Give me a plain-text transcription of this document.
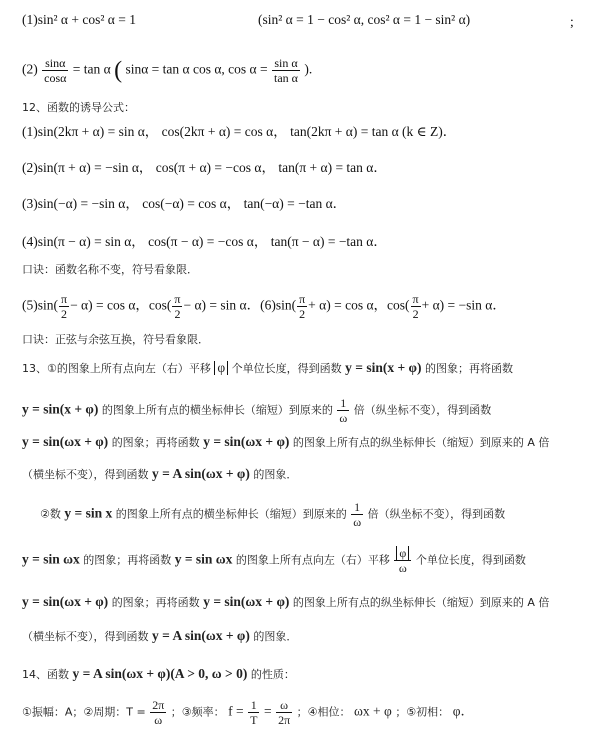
(1)sin² α + cos² α = 1	(sin² α = 1 − cos² α, cos² α = 1 − sin² α)	;
$(2) \frac{\sin\alpha}{\cos\alpha} = \tan \alpha$ ( sinα = tan α cos α, $\cos \alpha = \frac{\text{sin α}}{\text{tan α}}$ ).
12、函数的诱导公式：
(1)sin(2kπ + α) = sin α， cos(2kπ + α) = cos α， tan(2kπ + α) = tan α (k ∈ Z)．
(2)sin(π + α) = −sin α， cos(π + α) = −cos α， tan(π + α) = tan α．
(3)sin(−α) = −sin α， cos(−α) = cos α， tan(−α) = −tan α．
(4)sin(π − α) = sin α， cos(π − α) = −cos α， tan(π − α) = −tan α．
口诀：函数名称不变，符号看象限．
$(5)\sin( \frac{\pi}{2} - \alpha) = \cos \alpha$，$\cos( \frac{\pi}{2} - \alpha) = \sin \alpha$．$(6)\sin( \frac{\pi}{2} + \alpha) = \cos \alpha$，$\cos( \frac{\pi}{2} + \alpha) = -\sin$ α．
口诀：正弦与余弦互换，符号看象限．
13、①的图象上所有点向左（右）平移 φ 个单位长度，得到函数 y = sin(x + φ) 的图象；再将函数
y = sin(x + φ) 的图象上所有点的横坐标伸长（缩短）到原来的 $\frac{1}{\omega}$ 倍（纵坐标不变），得到函数
y = sin(ωx + φ) 的图象；再将函数 y = sin(ωx + φ) 的图象上所有点的纵坐标伸长（缩短）到原来的 A 倍
（横坐标不变），得到函数 y = A sin(ωx + φ) 的图象．
②数 y = sin x 的图象上所有点的横坐标伸长（缩短）到原来的 $\frac{1}{\omega}$ 倍（纵坐标不变），得到函数
y = sin ωx 的图象；再将函数 y = sin ωx 的图象上所有点向左（右）平移 $\frac{\varphi}{\omega}$ 个单位长度，得到函数
y = sin(ωx + φ) 的图象；再将函数 y = sin(ωx + φ) 的图象上所有点的纵坐标伸长（缩短）到原来的 A 倍
（横坐标不变），得到函数 y = A sin(ωx + φ) 的图象．
14、函数 y = A sin(ωx + φ)(A > 0, ω > 0) 的性质：
①振幅：A；②周期：$T = \frac{2\pi}{\omega}$ ；③频率： $f = \frac{1}{T} = \frac{\omega}{2\pi}$ ；④相位： ωx + φ ；⑤初相： φ．
